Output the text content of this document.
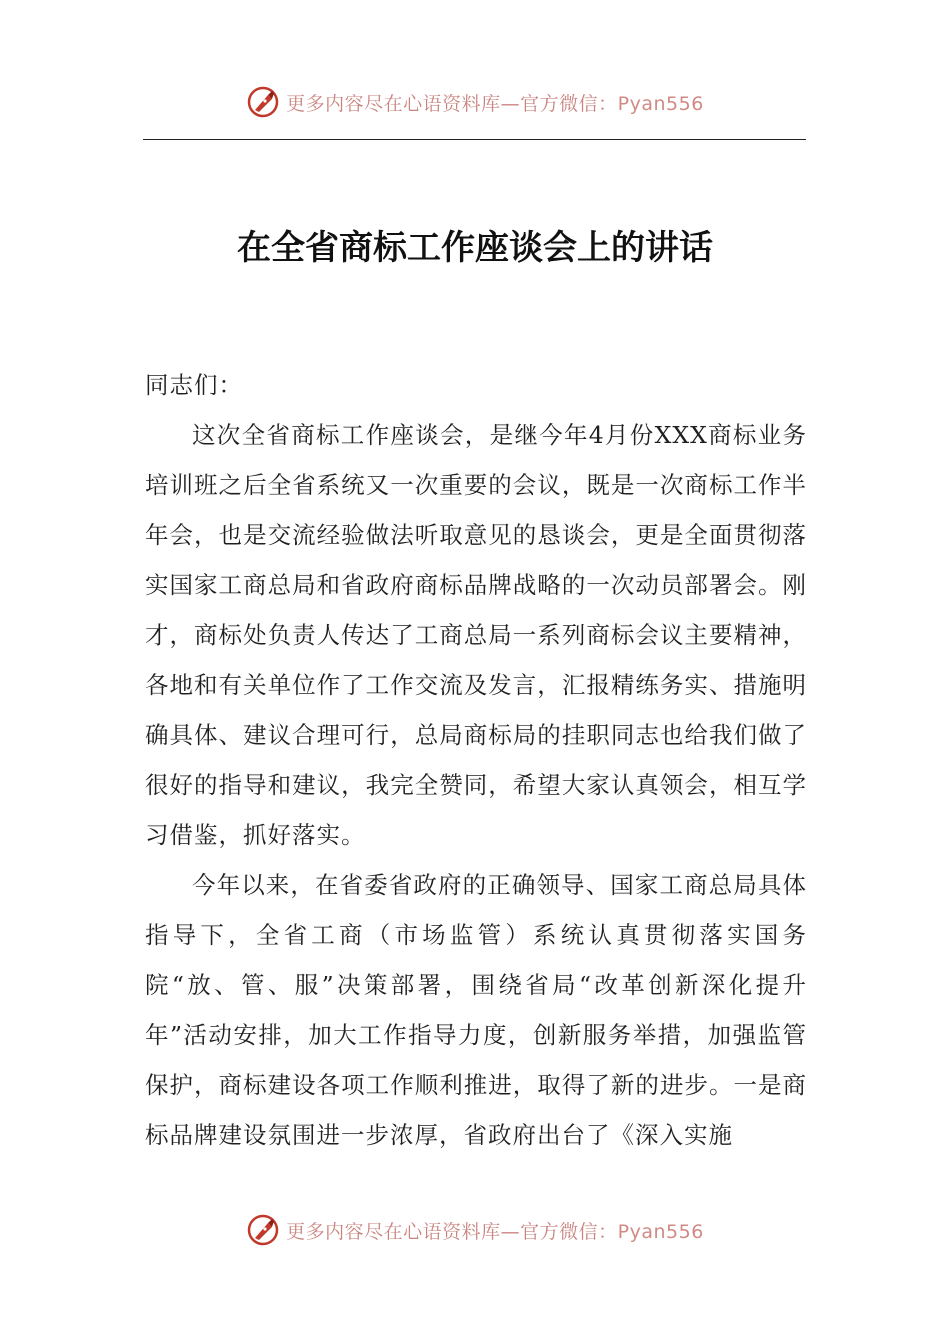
更多内容尽在心语资料库—官方微信：Pyan556
在全省商标工作座谈会上的讲话

同志们：

这次全省商标工作座谈会，是继今年4月份XXX商标业务培训班之后全省系统又一次重要的会议，既是一次商标工作半年会，也是交流经验做法听取意见的恳谈会，更是全面贯彻落实国家工商总局和省政府商标品牌战略的一次动员部署会。刚才，商标处负责人传达了工商总局一系列商标会议主要精神，各地和有关单位作了工作交流及发言，汇报精练务实、措施明确具体、建议合理可行，总局商标局的挂职同志也给我们做了很好的指导和建议，我完全赞同，希望大家认真领会，相互学习借鉴，抓好落实。

今年以来，在省委省政府的正确领导、国家工商总局具体指导下，全省工商（市场监管）系统认真贯彻落实国务院“放、管、服”决策部署，围绕省局“改革创新深化提升年”活动安排，加大工作指导力度，创新服务举措，加强监管保护，商标建设各项工作顺利推进，取得了新的进步。一是商标品牌建设氛围进一步浓厚，省政府出台了《深入实施

更多内容尽在心语资料库—官方微信：Pyan556
